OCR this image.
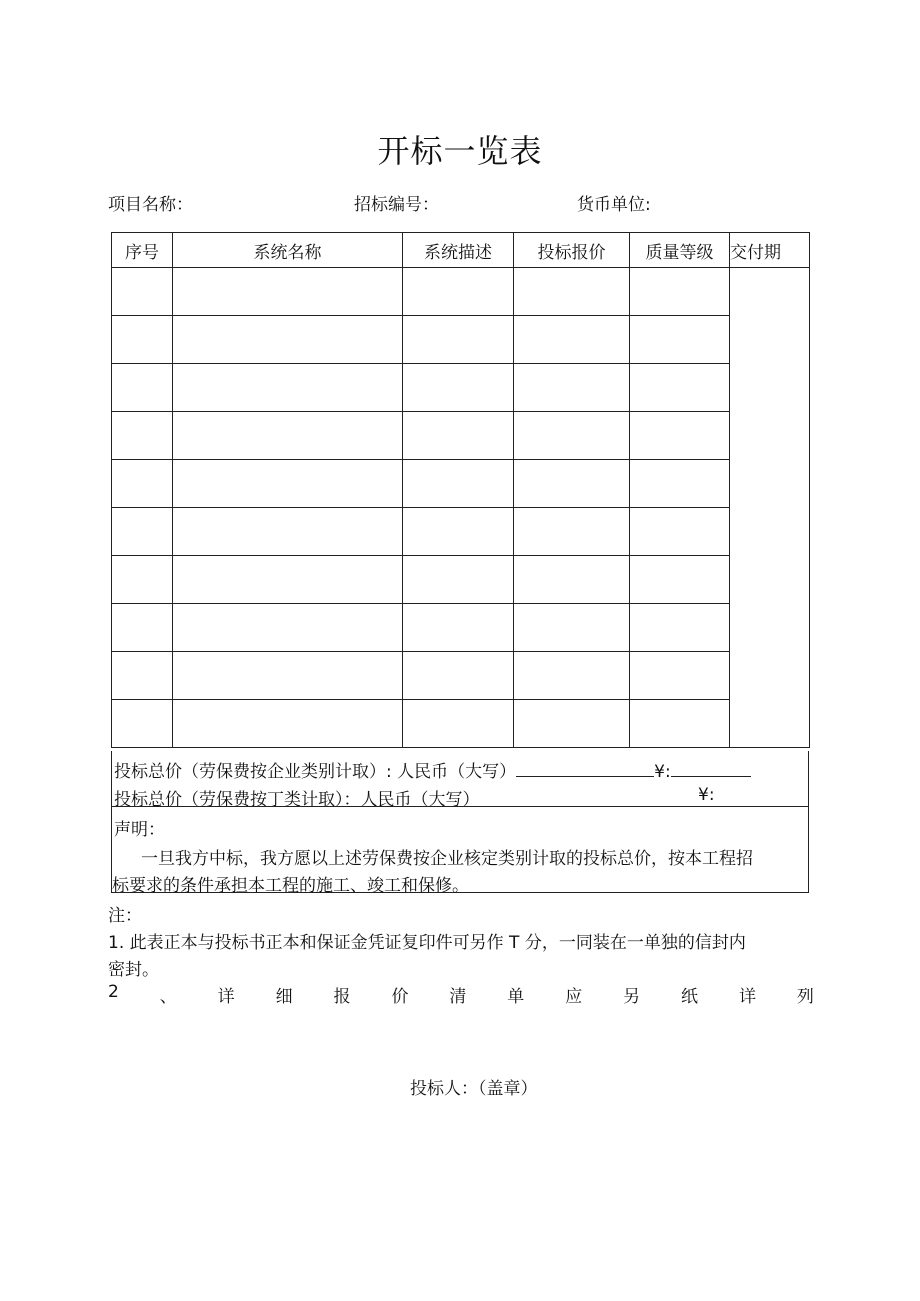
开标一览表
项目名称：	招标编号：	货币单位:
序号	系统名称	系统描述	投标报价	质量等级	交付期

投标总价（劳保费按企业类别计取）: 人民币（大写）	¥:
投标总价（劳保费按丁类计取）：人民币（大写）	¥:
声明：
一旦我方中标，我方愿以上述劳保费按企业核定类别计取的投标总价，按本工程招
标要求的条件承担本工程的施工、竣工和保修。
注：
1. 此表正本与投标书正本和保证金凭证复印件可另作 T 分，一同装在一单独的信封内
密封。
2 、 详 细 报 价 清 单 应 另 纸 详 列
投标人：（盖章）
